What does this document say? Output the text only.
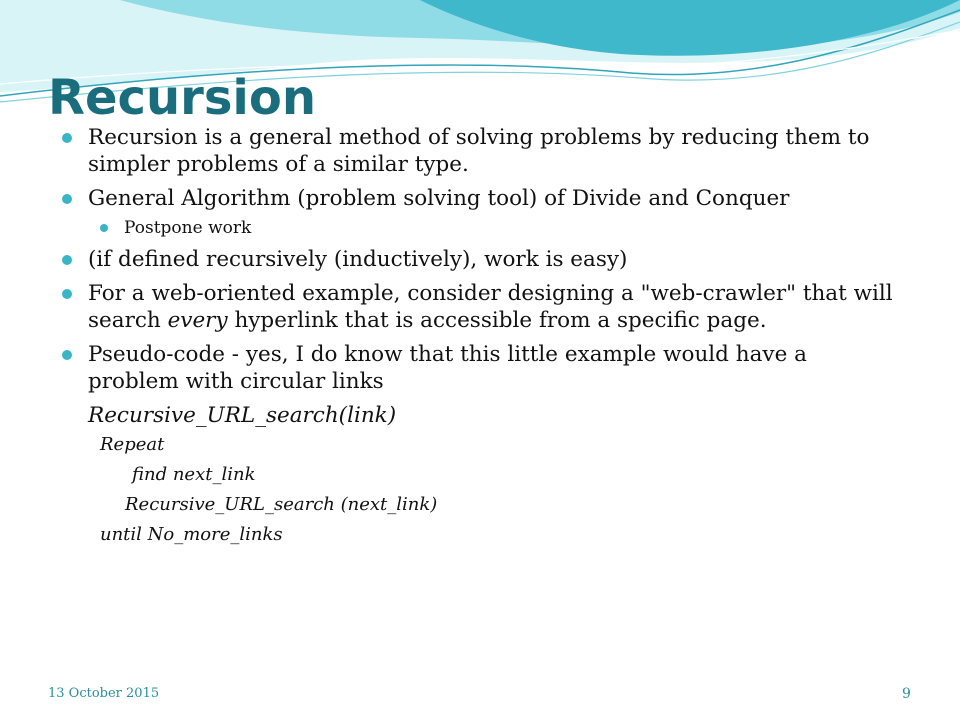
Recursion
Recursion is a general method of solving problems by reducing them to simpler problems of a similar type.
General Algorithm (problem solving tool) of Divide and Conquer
Postpone work
(if defined recursively (inductively), work is easy)
For a web-oriented example, consider designing a "web-crawler" that will search every hyperlink that is accessible from a specific page.
Pseudo-code - yes, I do know that this little example would have a problem with circular links
Recursive_URL_search(link)
Repeat
find next_link
Recursive_URL_search (next_link)
until No_more_links
13 October 2015	9
